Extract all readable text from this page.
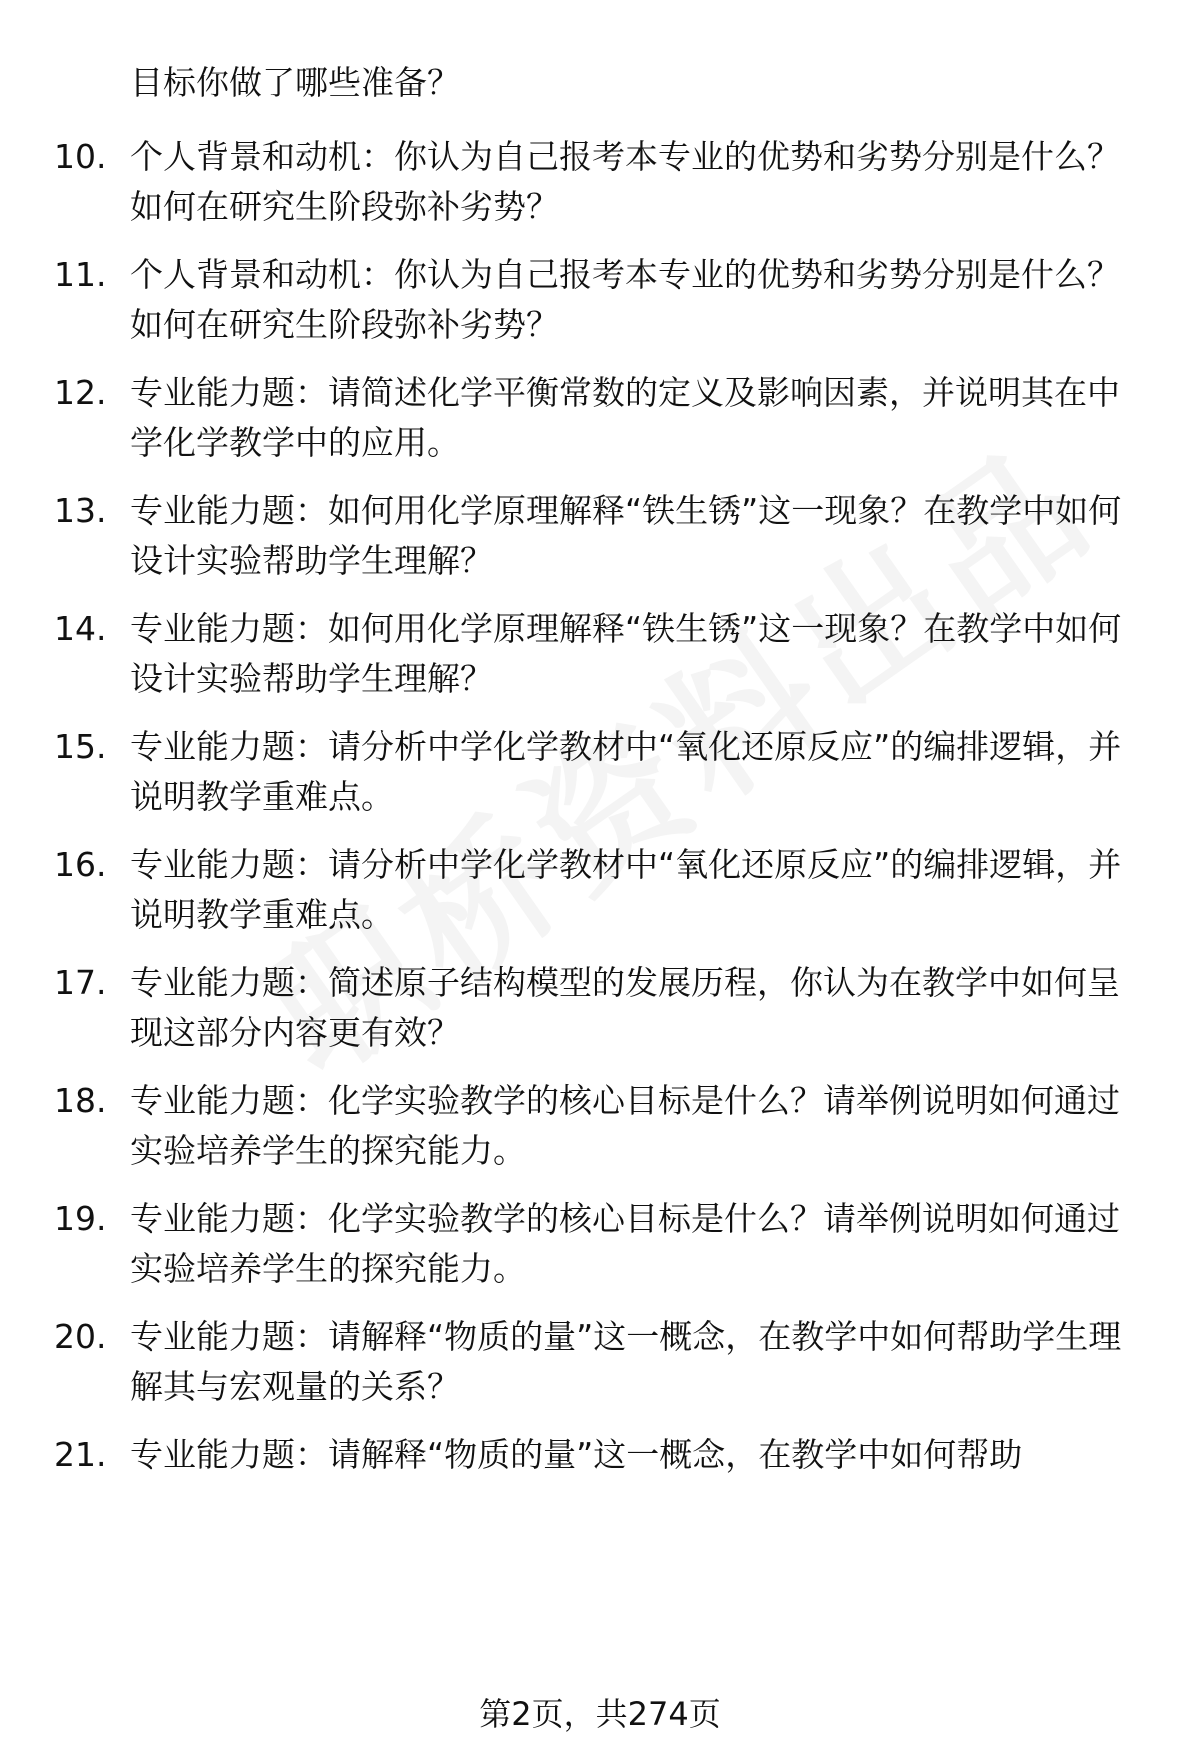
目标你做了哪些准备？
10. 个人背景和动机：你认为自己报考本专业的优势和劣势分别是什么？如何在研究生阶段弥补劣势？
11. 个人背景和动机：你认为自己报考本专业的优势和劣势分别是什么？如何在研究生阶段弥补劣势？
12. 专业能力题：请简述化学平衡常数的定义及影响因素，并说明其在中学化学教学中的应用。
13. 专业能力题：如何用化学原理解释“铁生锈”这一现象？在教学中如何设计实验帮助学生理解？
14. 专业能力题：如何用化学原理解释“铁生锈”这一现象？在教学中如何设计实验帮助学生理解？
15. 专业能力题：请分析中学化学教材中“氧化还原反应”的编排逻辑，并说明教学重难点。
16. 专业能力题：请分析中学化学教材中“氧化还原反应”的编排逻辑，并说明教学重难点。
17. 专业能力题：简述原子结构模型的发展历程，你认为在教学中如何呈现这部分内容更有效？
18. 专业能力题：化学实验教学的核心目标是什么？请举例说明如何通过实验培养学生的探究能力。
19. 专业能力题：化学实验教学的核心目标是什么？请举例说明如何通过实验培养学生的探究能力。
20. 专业能力题：请解释“物质的量”这一概念，在教学中如何帮助学生理解其与宏观量的关系？
21. 专业能力题：请解释“物质的量”这一概念，在教学中如何帮助
第2页，共274页
